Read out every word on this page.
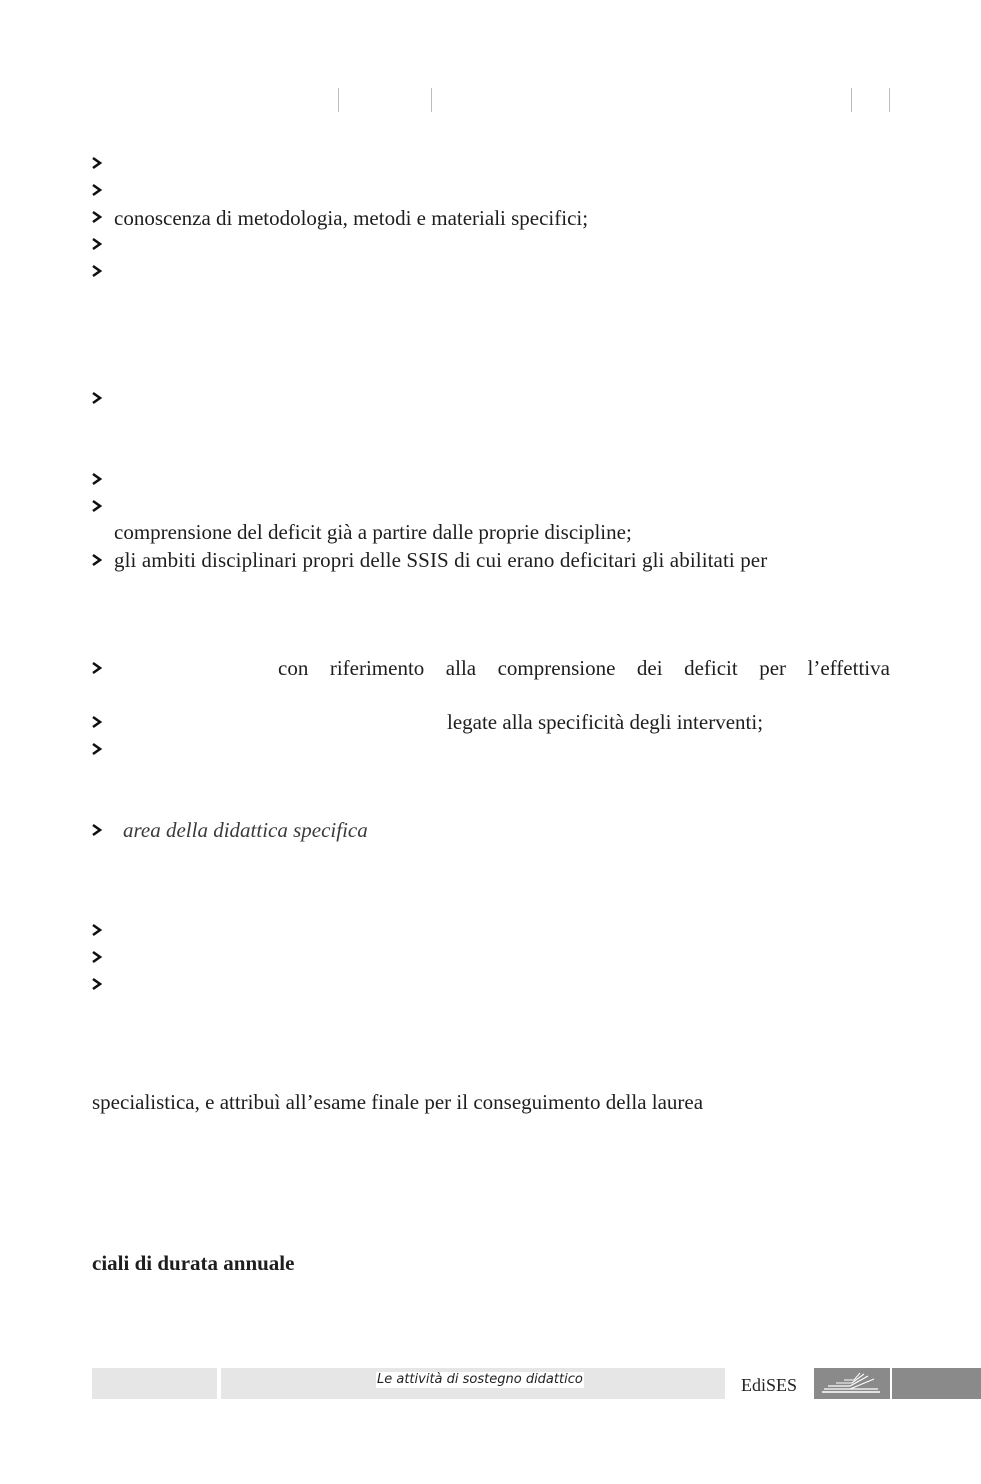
conoscenza di metodologia, metodi e materiali specifici;
comprensione del deficit già a partire dalle proprie discipline;
gli ambiti disciplinari propri delle SSIS di cui erano deficitari gli abilitati per
con riferimento alla comprensione dei deficit per l’effettiva
legate alla specificità degli interventi;
area della didattica specifica
specialistica, e attribuì all’esame finale per il conseguimento della laurea
ciali di durata annuale
Le attività di sostegno didattico	EdiSES
